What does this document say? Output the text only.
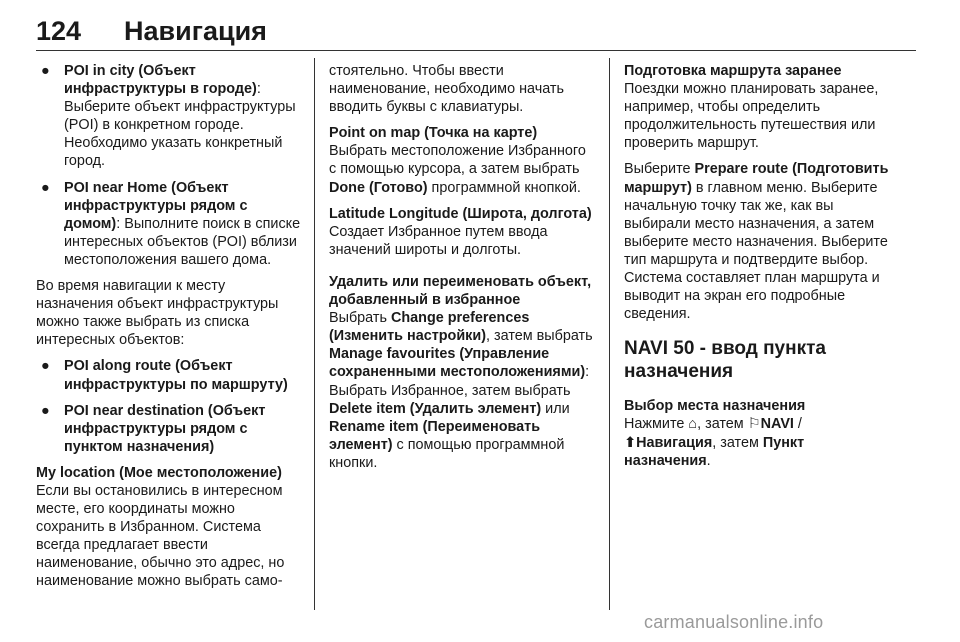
124 Навигация
● POI in city (Объект инфраструктуры в городе): Выберите объект инфраструктуры (POI) в конкретном городе. Необходимо указать конкретный город.
● POI near Home (Объект инфраструктуры рядом с домом): Выполните поиск в списке интересных объектов (POI) вблизи местоположения вашего дома.

Во время навигации к месту назначения объект инфраструктуры можно также выбрать из списка интересных объектов:

● POI along route (Объект инфраструктуры по маршруту)
● POI near destination (Объект инфраструктуры рядом с пунктом назначения)

My location (Мое местоположение)

Если вы остановились в интересном месте, его координаты можно сохранить в Избранном. Система всегда предлагает ввести наименование, обычно это адрес, но наименование можно выбрать само-

стоятельно. Чтобы ввести наименование, необходимо начать вводить буквы с клавиатуры.

Point on map (Точка на карте)

Выбрать местоположение Избранного с помощью курсора, а затем выбрать Done (Готово) программной кнопкой.

Latitude Longitude (Широта, долгота)

Создает Избранное путем ввода значений широты и долготы.

Удалить или переименовать объект, добавленный в избранное

Выбрать Change preferences (Изменить настройки), затем выбрать Manage favourites (Управление сохраненными местоположениями): Выбрать Избранное, затем выбрать Delete item (Удалить элемент) или Rename item (Переименовать элемент) с помощью программной кнопки.

Подготовка маршрута заранее

Поездки можно планировать заранее, например, чтобы определить продолжительность путешествия или проверить маршрут.

Выберите Prepare route (Подготовить маршрут) в главном меню. Выберите начальную точку так же, как вы выбирали место назначения, а затем выберите место назначения. Выберите тип маршрута и подтвердите выбор. Система составляет план маршрута и выводит на экран его подробные сведения.

NAVI 50 - ввод пункта назначения

Выбор места назначения

Нажмите ⌂, затем ⚐NAVI /
⬆Навигация, затем Пункт назначения.

carmanualsonline.info
